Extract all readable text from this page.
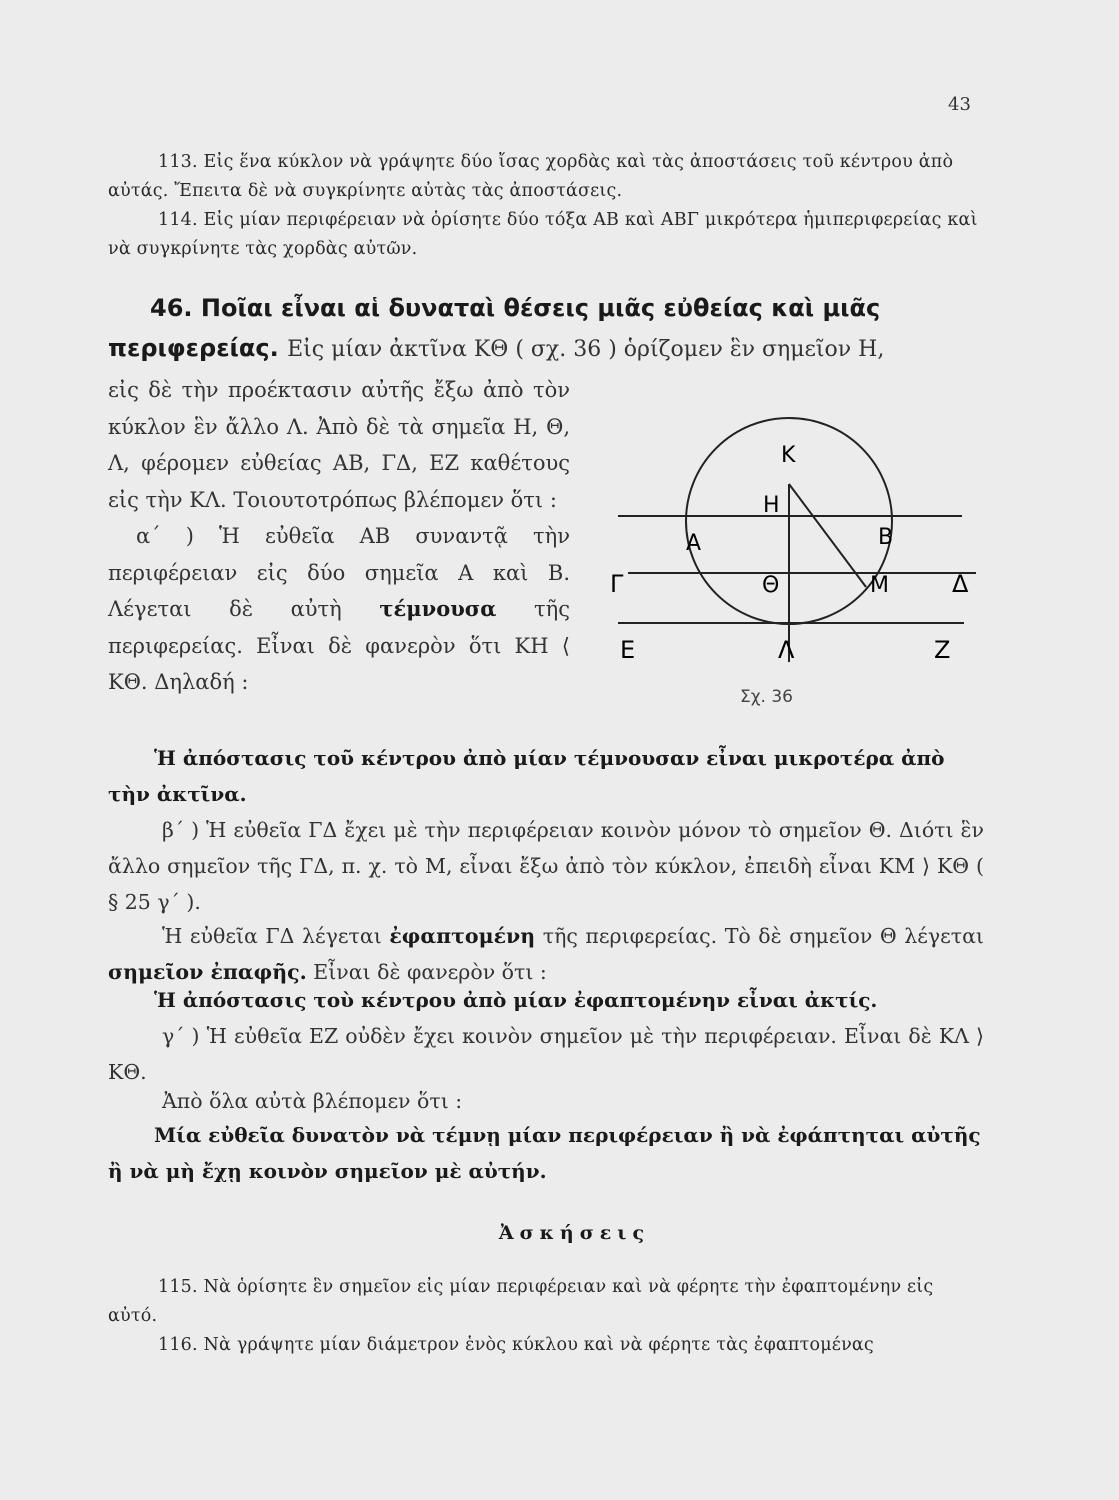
43

113. Εἰς ἕνα κύκλον νὰ γράψητε δύο ἴσας χορδὰς καὶ τὰς ἀποστάσεις τοῦ κέντρου ἀπὸ αὐτάς. Ἔπειτα δὲ νὰ συγκρίνητε αὐτὰς τὰς ἀποστάσεις.

114. Εἰς μίαν περιφέρειαν νὰ ὁρίσητε δύο τόξα ΑΒ καὶ ΑΒΓ μικρότερα ἡμιπεριφερείας καὶ νὰ συγκρίνητε τὰς χορδὰς αὐτῶν.

46. Ποῖαι εἶναι αἱ δυναταὶ θέσεις μιᾶς εὐθείας καὶ μιᾶς περιφερείας. Εἰς μίαν ἀκτῖνα ΚΘ ( σχ. 36 ) ὁρίζομεν ἓν σημεῖον Η,

εἰς δὲ τὴν προέκτασιν αὐτῆς ἔξω ἀπὸ τὸν κύκλον ἓν ἄλλο Λ. Ἀπὸ δὲ τὰ σημεῖα Η, Θ, Λ, φέρομεν εὐθείας ΑΒ, ΓΔ, ΕΖ καθέτους εἰς τὴν ΚΛ. Τοιουτοτρόπως βλέπομεν ὅτι :
α΄ ) Ἡ εὐθεῖα ΑΒ συναντᾷ τὴν περιφέρειαν εἰς δύο σημεῖα Α καὶ Β. Λέγεται δὲ αὐτὴ τέμνουσα τῆς περιφερείας. Εἶναι δὲ φανερὸν ὅτι ΚΗ ⟨ ΚΘ. Δηλαδή :

K
H
A	B
Γ	Θ	M	Δ
Ε	Λ	Z
Σχ. 36

Ἡ ἀπόστασις τοῦ κέντρου ἀπὸ μίαν τέμνουσαν εἶναι μικροτέρα ἀπὸ τὴν ἀκτῖνα.

β΄ ) Ἡ εὐθεῖα ΓΔ ἔχει μὲ τὴν περιφέρειαν κοινὸν μόνον τὸ σημεῖον Θ. Διότι ἓν ἄλλο σημεῖον τῆς ΓΔ, π. χ. τὸ Μ, εἶναι ἔξω ἀπὸ τὸν κύκλον, ἐπειδὴ εἶναι ΚΜ ⟩ ΚΘ ( § 25 γ΄ ).

Ἡ εὐθεῖα ΓΔ λέγεται ἐφαπτομένη τῆς περιφερείας. Τὸ δὲ σημεῖον Θ λέγεται σημεῖον ἐπαφῆς. Εἶναι δὲ φανερὸν ὅτι :

Ἡ ἀπόστασις τοὺ κέντρου ἀπὸ μίαν ἐφαπτομένην εἶναι ἀκτίς.

γ΄ ) Ἡ εὐθεῖα ΕΖ οὐδὲν ἔχει κοινὸν σημεῖον μὲ τὴν περιφέρειαν. Εἶναι δὲ ΚΛ ⟩ ΚΘ.

Ἀπὸ ὅλα αὐτὰ βλέπομεν ὅτι :

Μία εὐθεῖα δυνατὸν νὰ τέμνῃ μίαν περιφέρειαν ἢ νὰ ἐφάπτηται αὐτῆς ἢ νὰ μὴ ἔχῃ κοινὸν σημεῖον μὲ αὐτήν.

Ἀσκήσεις

115. Νὰ ὁρίσητε ἓν σημεῖον εἰς μίαν περιφέρειαν καὶ νὰ φέρητε τὴν ἐφαπτομένην εἰς αὐτό.

116. Νὰ γράψητε μίαν διάμετρον ἑνὸς κύκλου καὶ νὰ φέρητε τὰς ἐφαπτομένας
